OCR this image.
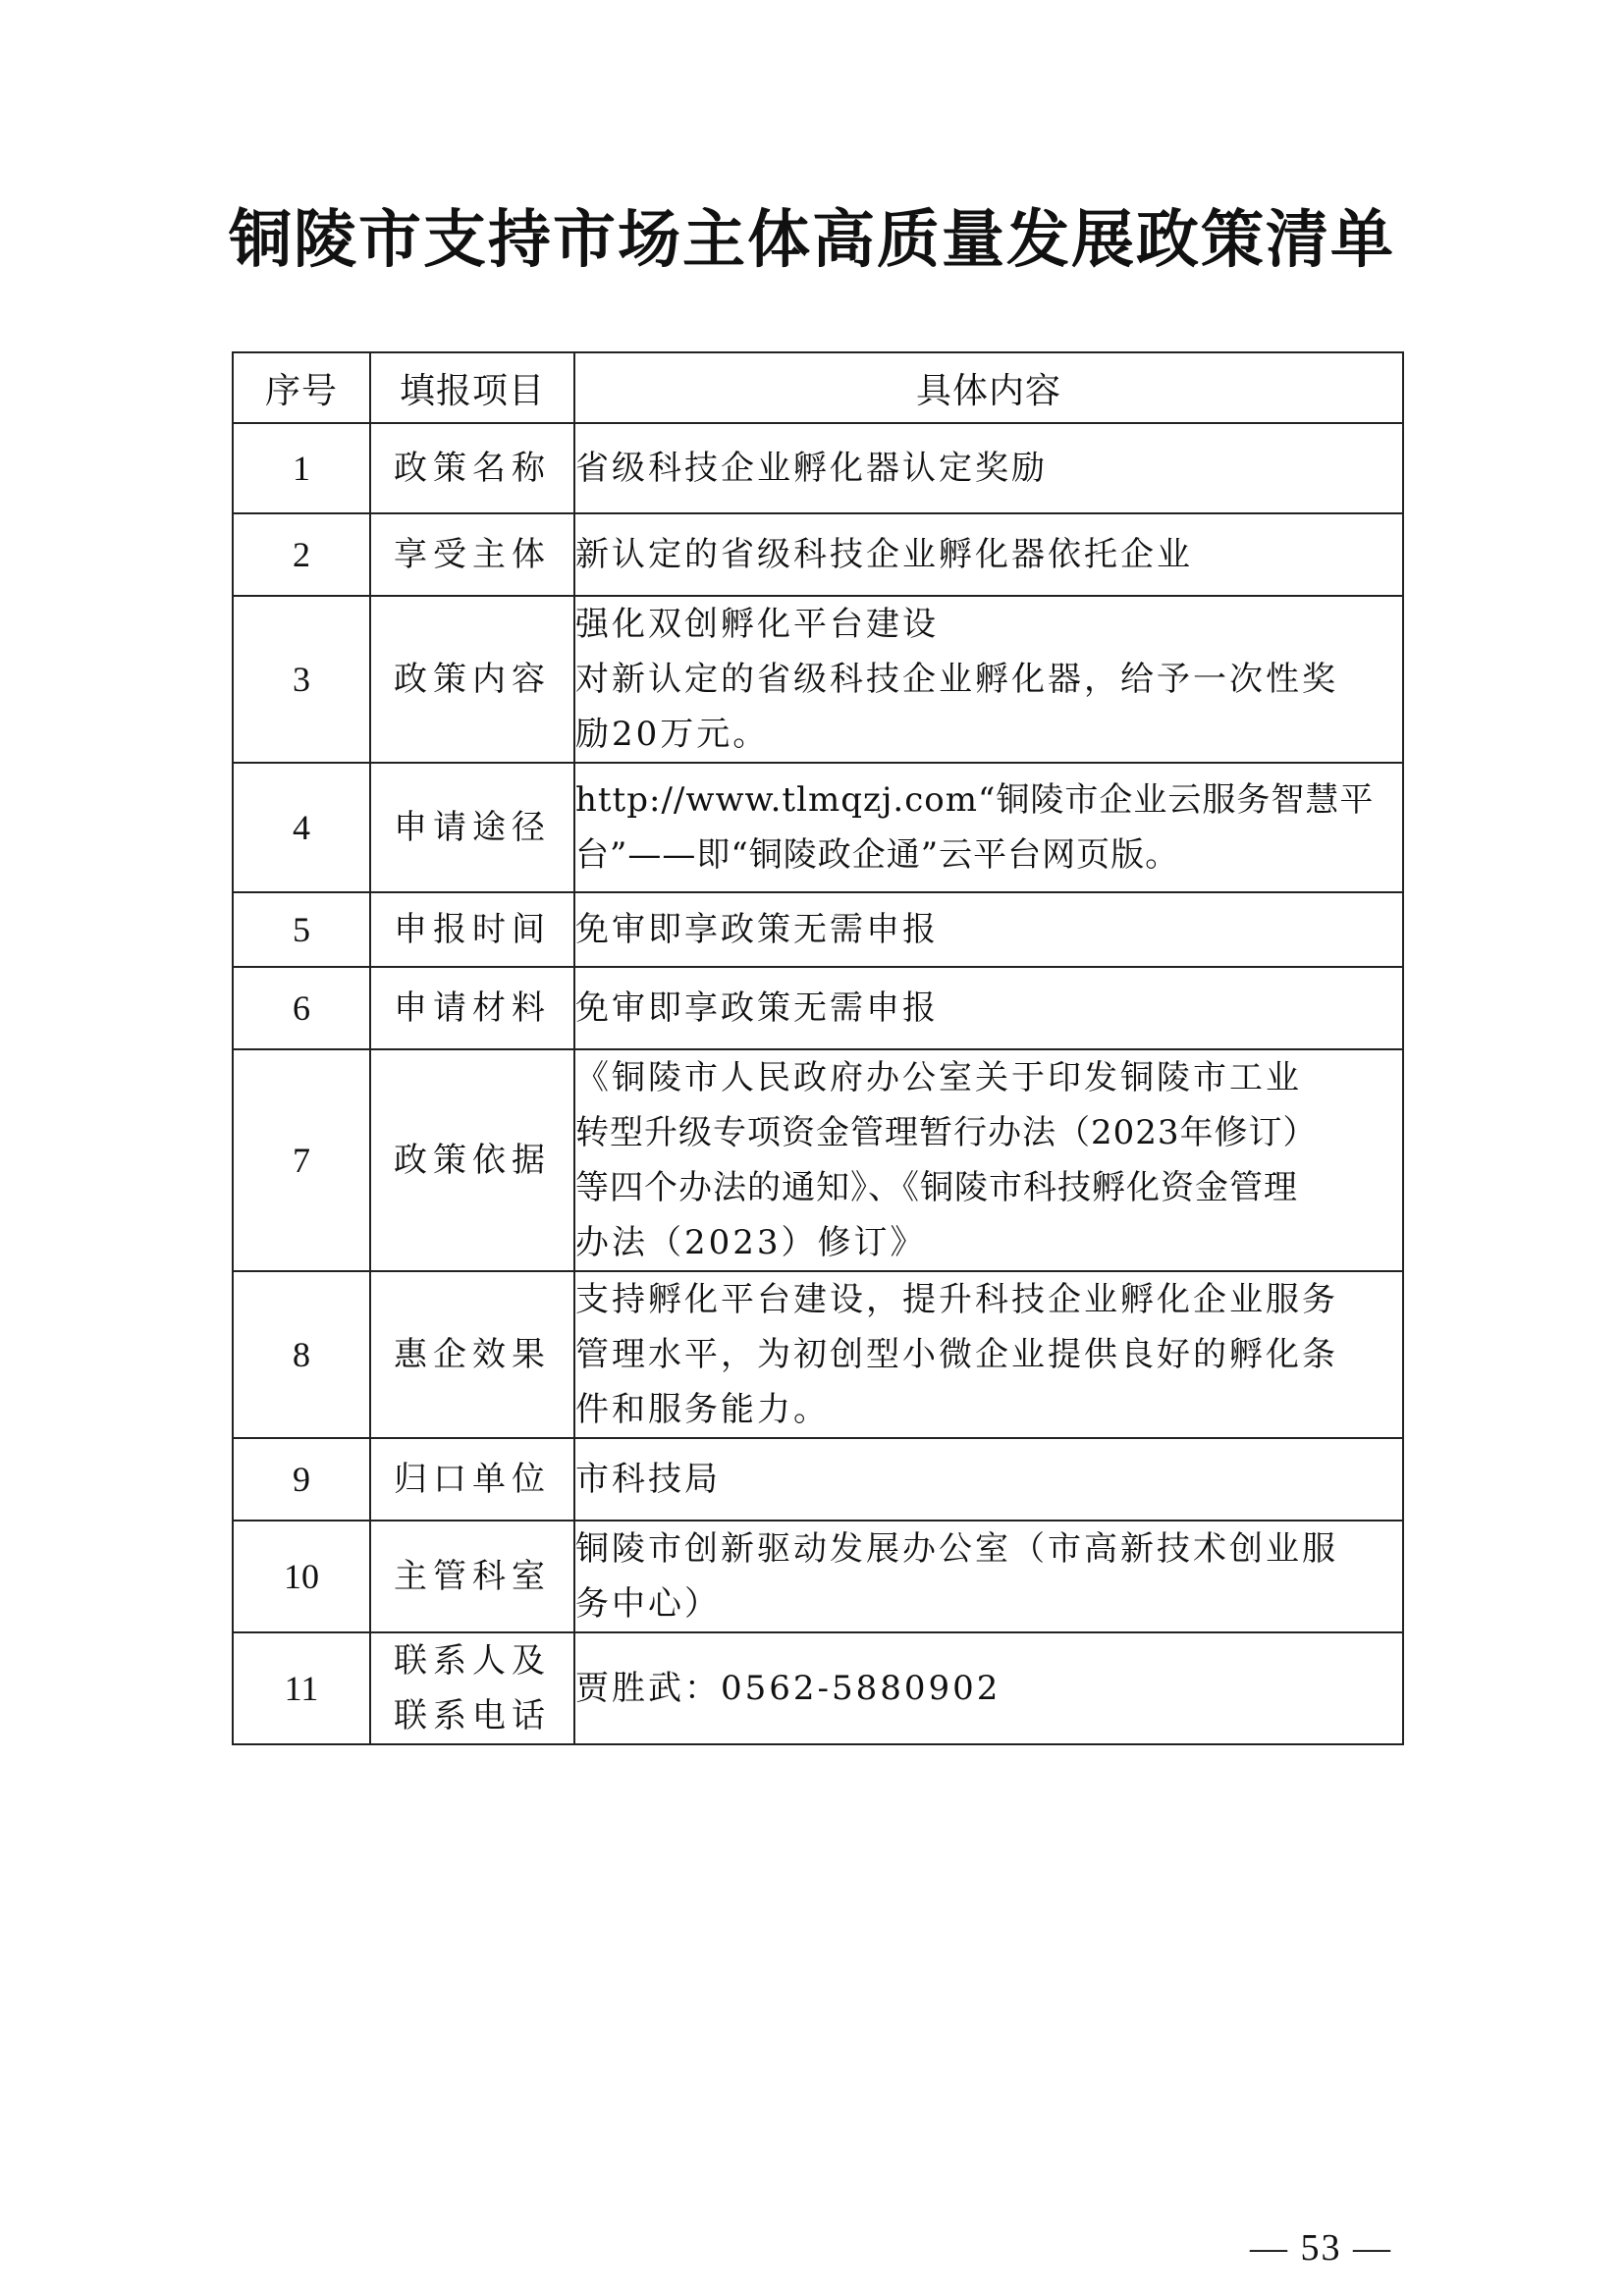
铜陵市支持市场主体高质量发展政策清单
序号	填报项目	具体内容
1	政策名称	省级科技企业孵化器认定奖励

2	享受主体	新认定的省级科技企业孵化器依托企业

3	政策内容	强化双创孵化平台建设
对新认定的省级科技企业孵化器，给予一次性奖
励20万元。

4	申请途径	http://www.tlmqzj.com“铜陵市企业云服务智慧平
台”——即“铜陵政企通”云平台网页版。

5	申报时间	免审即享政策无需申报

6	申请材料	免审即享政策无需申报

7	政策依据	《铜陵市人民政府办公室关于印发铜陵市工业
转型升级专项资金管理暂行办法（2023年修订）
等四个办法的通知》、《铜陵市科技孵化资金管理
办法（2023）修订》

8	惠企效果	支持孵化平台建设，提升科技企业孵化企业服务
管理水平，为初创型小微企业提供良好的孵化条
件和服务能力。

9	归口单位	市科技局

10	主管科室	铜陵市创新驱动发展办公室（市高新技术创业服
务中心）

11	联系人及
联系电话	贾胜武：0562-5880902
— 53 —
